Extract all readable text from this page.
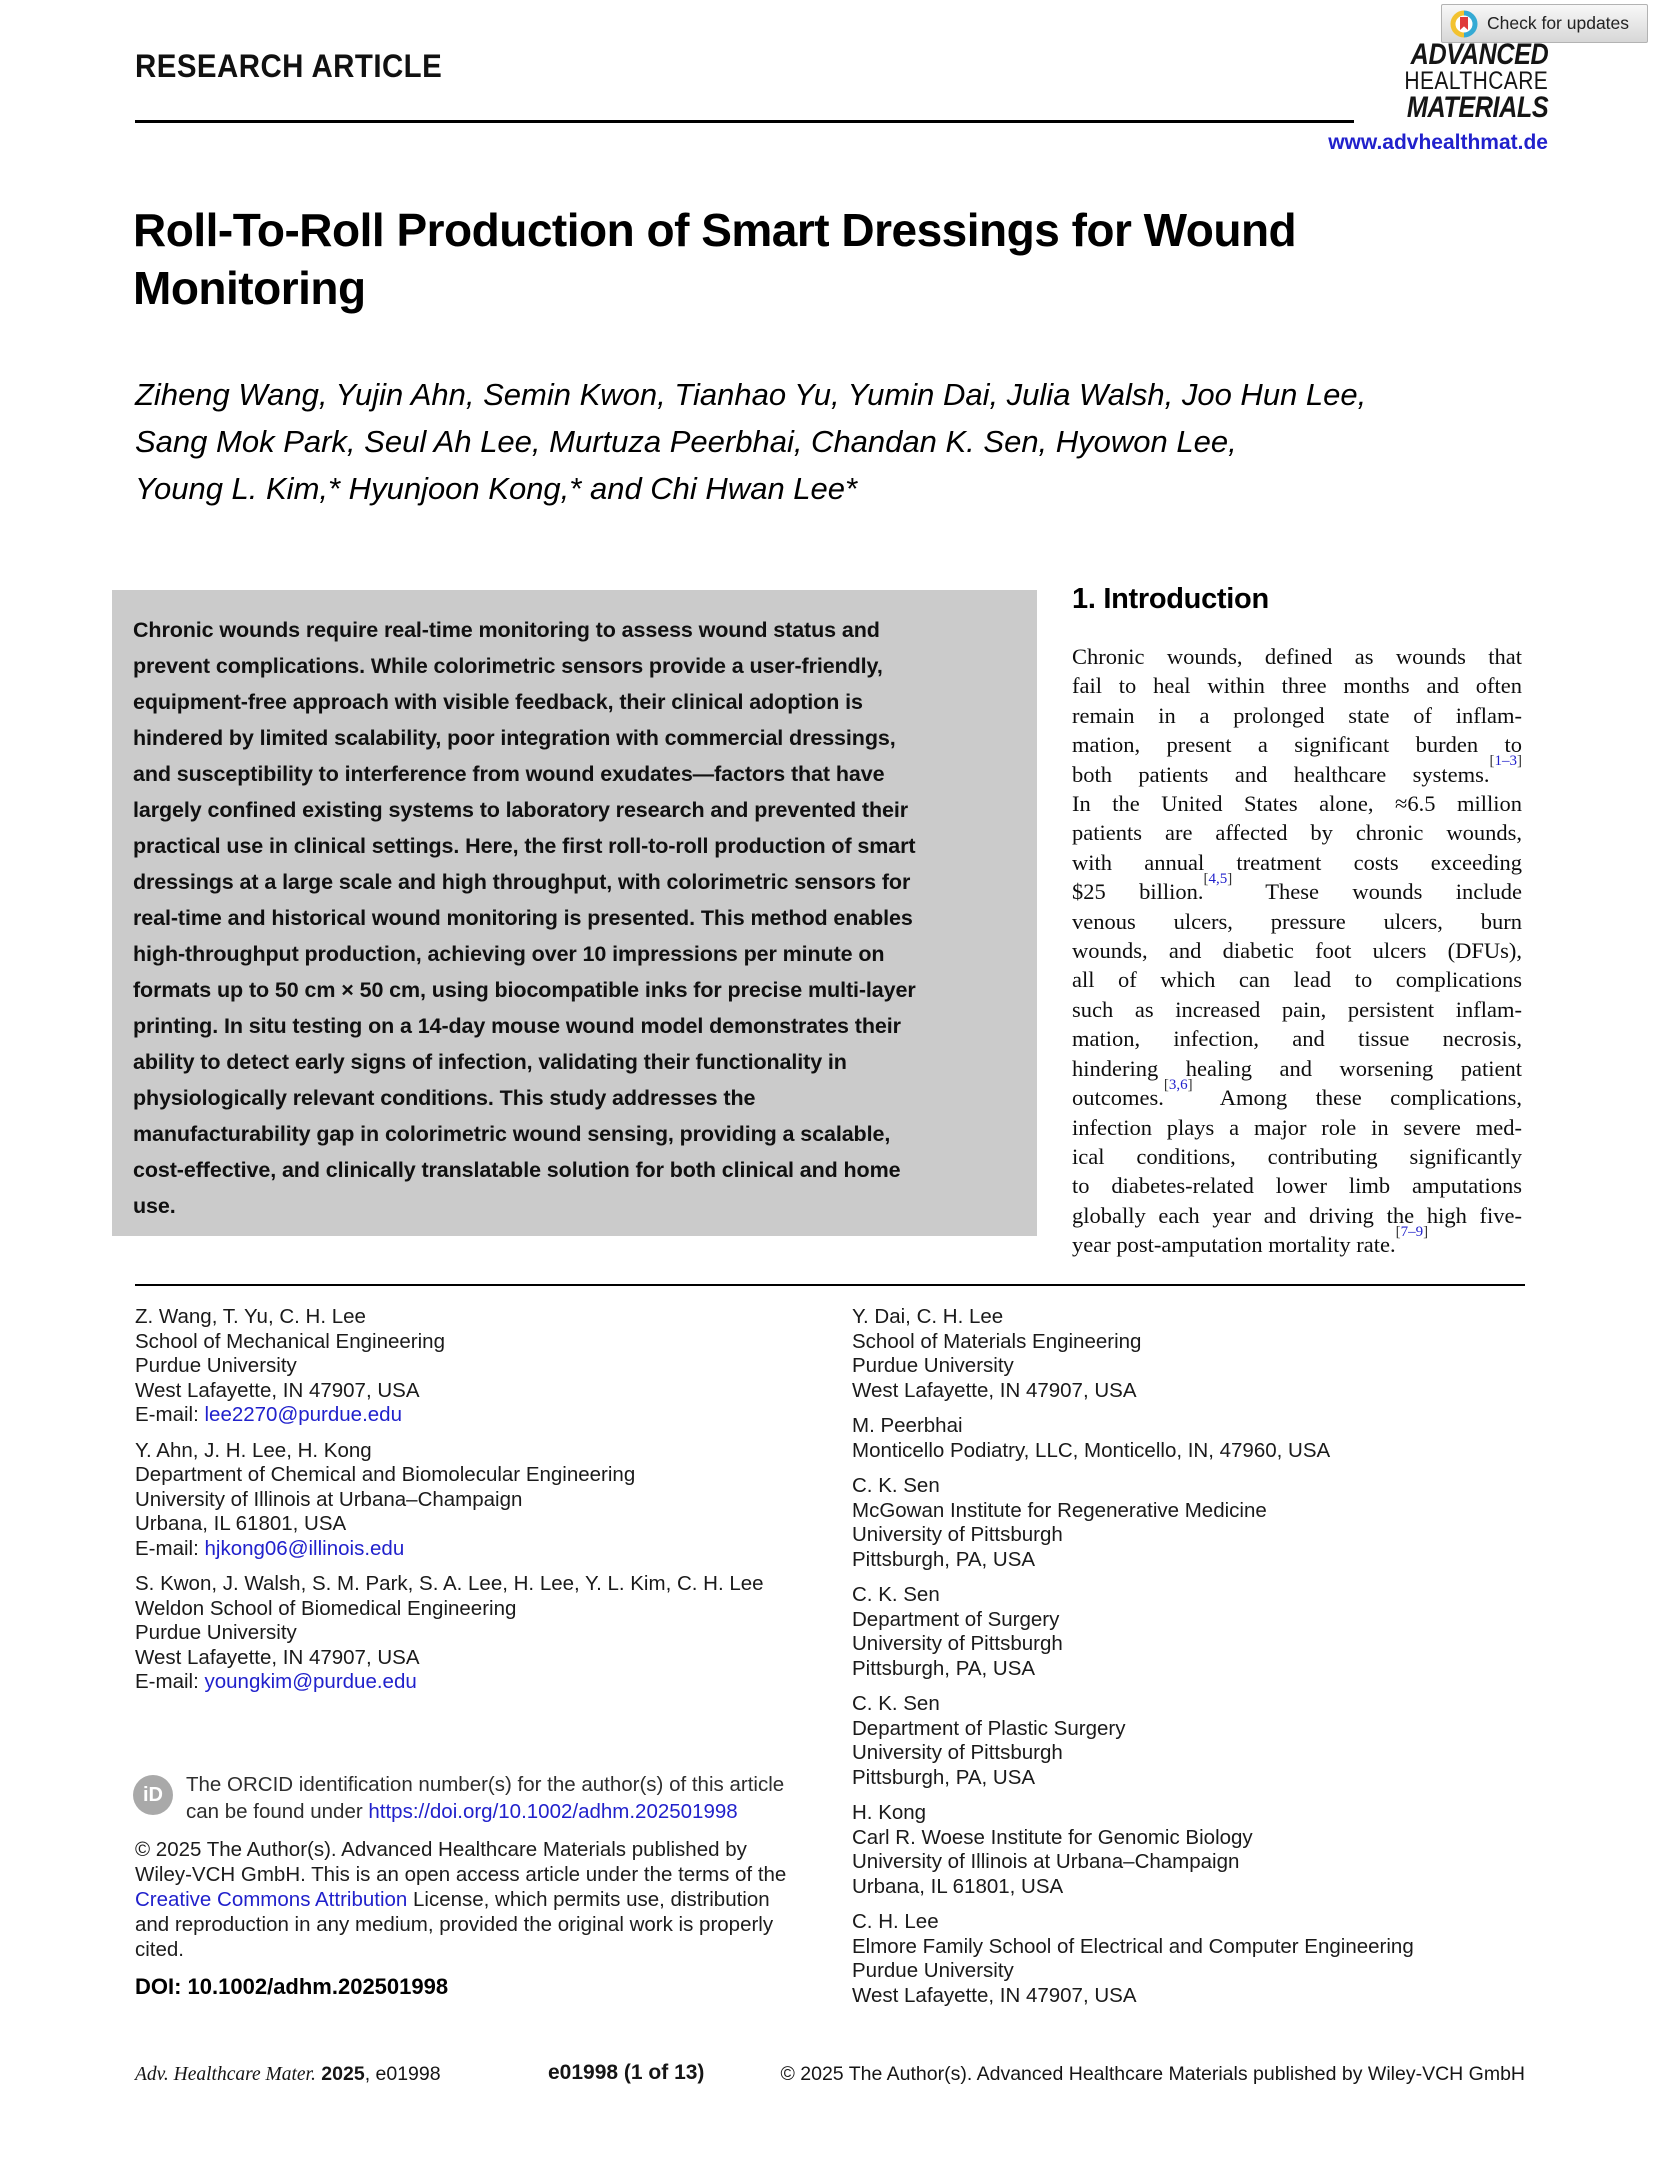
Check for updates
RESEARCH ARTICLE	ADVANCED
HEALTHCARE
MATERIALS
www.advhealthmat.de
Roll-To-Roll Production of Smart Dressings for Wound
Monitoring
Ziheng Wang, Yujin Ahn, Semin Kwon, Tianhao Yu, Yumin Dai, Julia Walsh, Joo Hun Lee,
Sang Mok Park, Seul Ah Lee, Murtuza Peerbhai, Chandan K. Sen, Hyowon Lee,
Young L. Kim,* Hyunjoon Kong,* and Chi Hwan Lee*
Chronic wounds require real-time monitoring to assess wound status and
prevent complications. While colorimetric sensors provide a user-friendly,
equipment-free approach with visible feedback, their clinical adoption is
hindered by limited scalability, poor integration with commercial dressings,
and susceptibility to interference from wound exudates—factors that have
largely confined existing systems to laboratory research and prevented their
practical use in clinical settings. Here, the first roll-to-roll production of smart
dressings at a large scale and high throughput, with colorimetric sensors for
real-time and historical wound monitoring is presented. This method enables
high-throughput production, achieving over 10 impressions per minute on
formats up to 50 cm × 50 cm, using biocompatible inks for precise multi-layer
printing. In situ testing on a 14-day mouse wound model demonstrates their
ability to detect early signs of infection, validating their functionality in
physiologically relevant conditions. This study addresses the
manufacturability gap in colorimetric wound sensing, providing a scalable,
cost-effective, and clinically translatable solution for both clinical and home
use.
1. Introduction
Chronic wounds, defined as wounds that
fail to heal within three months and often
remain in a prolonged state of inflam-
mation, present a significant burden to
both patients and healthcare systems.[1–3]
In the United States alone, ≈6.5 million
patients are affected by chronic wounds,
with annual treatment costs exceeding
$25 billion.[4,5] These wounds include
venous ulcers, pressure ulcers, burn
wounds, and diabetic foot ulcers (DFUs),
all of which can lead to complications
such as increased pain, persistent inflam-
mation, infection, and tissue necrosis,
hindering healing and worsening patient
outcomes.[3,6] Among these complications,
infection plays a major role in severe med-
ical conditions, contributing significantly
to diabetes-related lower limb amputations
globally each year and driving the high five-
year post-amputation mortality rate.[7–9]
Z. Wang, T. Yu, C. H. Lee
School of Mechanical Engineering
Purdue University
West Lafayette, IN 47907, USA
E-mail: lee2270@purdue.edu
Y. Ahn, J. H. Lee, H. Kong
Department of Chemical and Biomolecular Engineering
University of Illinois at Urbana–Champaign
Urbana, IL 61801, USA
E-mail: hjkong06@illinois.edu
S. Kwon, J. Walsh, S. M. Park, S. A. Lee, H. Lee, Y. L. Kim, C. H. Lee
Weldon School of Biomedical Engineering
Purdue University
West Lafayette, IN 47907, USA
E-mail: youngkim@purdue.edu
Y. Dai, C. H. Lee
School of Materials Engineering
Purdue University
West Lafayette, IN 47907, USA
M. Peerbhai
Monticello Podiatry, LLC, Monticello, IN, 47960, USA
C. K. Sen
McGowan Institute for Regenerative Medicine
University of Pittsburgh
Pittsburgh, PA, USA
C. K. Sen
Department of Surgery
University of Pittsburgh
Pittsburgh, PA, USA
C. K. Sen
Department of Plastic Surgery
University of Pittsburgh
Pittsburgh, PA, USA
H. Kong
Carl R. Woese Institute for Genomic Biology
University of Illinois at Urbana–Champaign
Urbana, IL 61801, USA
C. H. Lee
Elmore Family School of Electrical and Computer Engineering
Purdue University
West Lafayette, IN 47907, USA
iD	The ORCID identification number(s) for the author(s) of this article
can be found under https://doi.org/10.1002/adhm.202501998
© 2025 The Author(s). Advanced Healthcare Materials published by
Wiley-VCH GmbH. This is an open access article under the terms of the
Creative Commons Attribution License, which permits use, distribution
and reproduction in any medium, provided the original work is properly
cited.
DOI: 10.1002/adhm.202501998
Adv. Healthcare Mater. 2025, e01998	e01998 (1 of 13)	© 2025 The Author(s). Advanced Healthcare Materials published by Wiley-VCH GmbH
